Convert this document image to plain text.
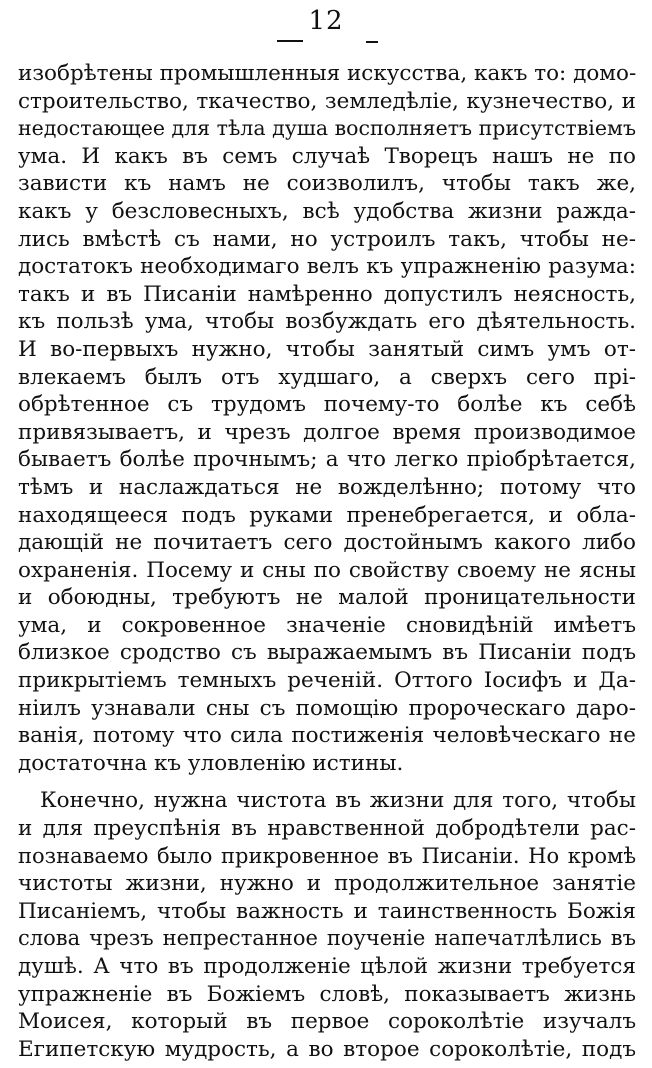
12
изобрѣтены промышленныя искусства, какъ то: домо-
строительство, ткачество, земледѣліе, кузнечество, и
недостающее для тѣла душа восполняетъ присутствіемъ
ума. И какъ въ семъ случаѣ Творецъ нашъ не по
зависти къ намъ не соизволилъ, чтобы такъ же,
какъ у безсловесныхъ, всѣ удобства жизни раждa-
лись вмѣстѣ съ нами, но устроилъ такъ, чтобы не-
достатокъ необходимаго велъ къ упражненію разума:
такъ и въ Писаніи намѣренно допустилъ неясность,
къ пользѣ ума, чтобы возбуждать его дѣятельность.
И во-первыхъ нужно, чтобы занятый симъ умъ от-
влекаемъ былъ отъ худшаго, а сверхъ сего прі-
обрѣтенное съ трудомъ почему-то болѣе къ себѣ
привязываетъ, и чрезъ долгое время производимое
бываетъ болѣе прочнымъ; а что легко пріобрѣтается,
тѣмъ и наслаждаться не вожделѣнно; потому что
находящееся подъ руками пренебрегается, и обла-
дающій не почитаетъ сего достойнымъ какого либо
охраненія. Посему и сны по свойству своему не ясны
и обоюдны, требуютъ не малой проницательности
ума, и сокровенное значеніе сновидѣній имѣетъ
близкое сродство съ выражаемымъ въ Писаніи подъ
прикрытіемъ темныхъ реченій. Оттого Іосифъ и Да-
ніилъ узнавали сны съ помощію пророческаго даро-
ванія, потому что сила постиженія человѣческаго не
достаточна къ уловленію истины.
Конечно, нужна чистота въ жизни для того, чтобы
и для преуспѣнія въ нравственной добродѣтели рас-
познаваемо было прикровенное въ Писаніи. Но кромѣ
чистоты жизни, нужно и продолжительное занятіе
Писаніемъ, чтобы важность и таинственность Божія
слова чрезъ непрестанное поученіе напечатлѣлись въ
душѣ. А что въ продолженіе цѣлой жизни требуется
упражненіе въ Божіемъ словѣ, показываетъ жизнь
Моисея, который въ первое сороколѣтіе изучалъ
Египетскую мудрость, а во второе сороколѣтіе, подъ
